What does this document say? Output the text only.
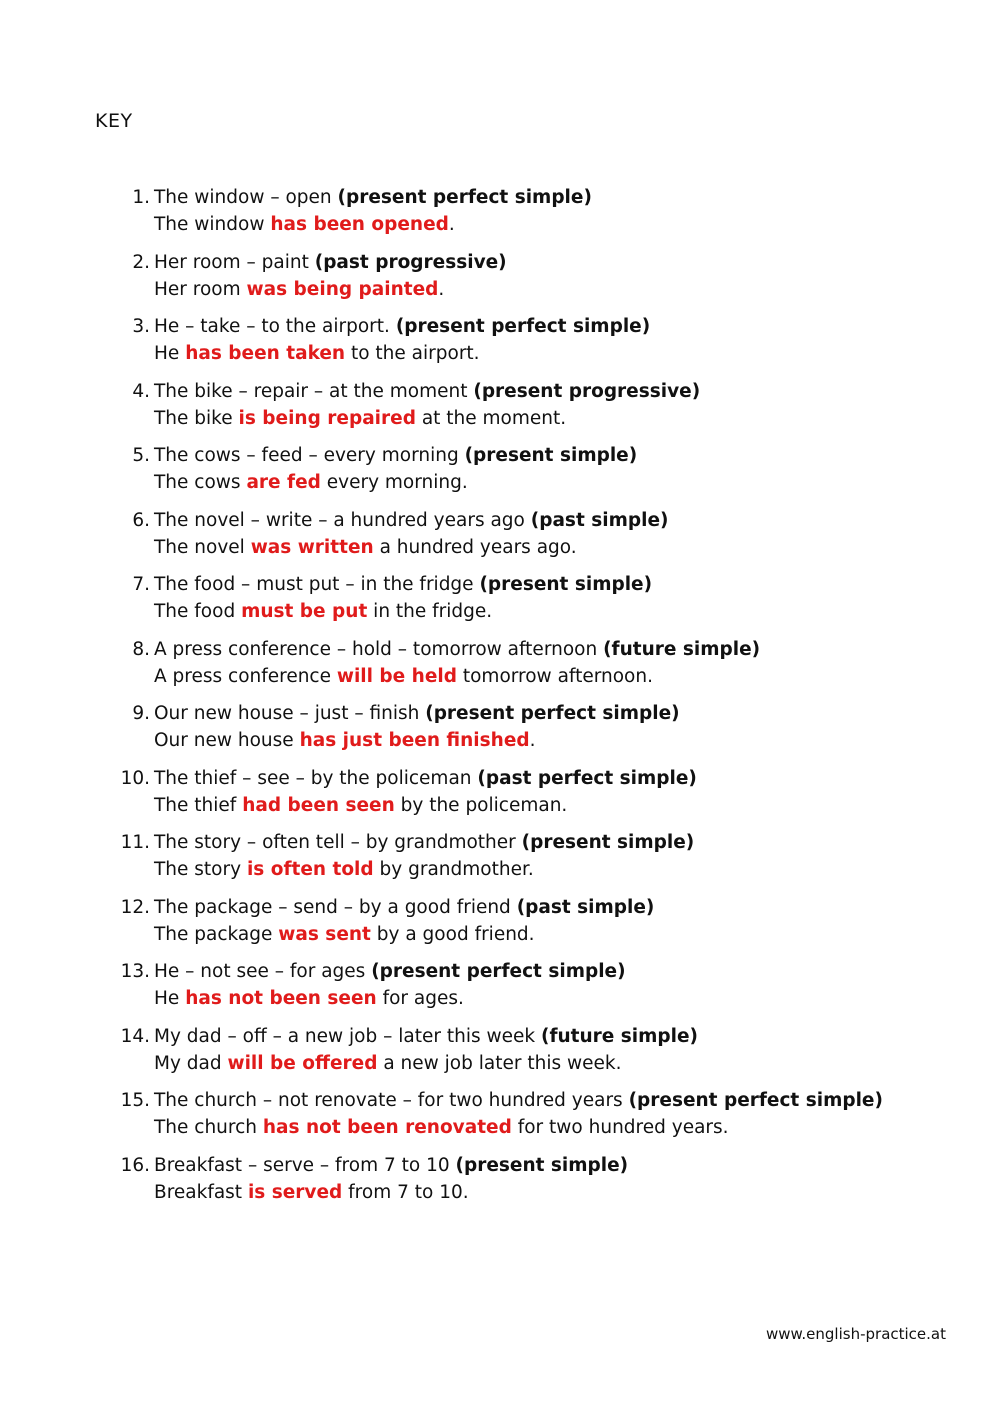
KEY
1. The window – open (present perfect simple)
The window has been opened.
2. Her room – paint (past progressive)
Her room was being painted.
3. He – take – to the airport. (present perfect simple)
He has been taken to the airport.
4. The bike – repair – at the moment (present progressive)
The bike is being repaired at the moment.
5. The cows – feed – every morning (present simple)
The cows are fed every morning.
6. The novel – write – a hundred years ago (past simple)
The novel was written a hundred years ago.
7. The food – must put – in the fridge (present simple)
The food must be put in the fridge.
8. A press conference – hold – tomorrow afternoon (future simple)
A press conference will be held tomorrow afternoon.
9. Our new house – just – finish (present perfect simple)
Our new house has just been finished.
10. The thief – see – by the policeman (past perfect simple)
The thief had been seen by the policeman.
11. The story – often tell – by grandmother (present simple)
The story is often told by grandmother.
12. The package – send – by a good friend (past simple)
The package was sent by a good friend.
13. He – not see – for ages (present perfect simple)
He has not been seen for ages.
14. My dad – off – a new job – later this week (future simple)
My dad will be offered a new job later this week.
15. The church – not renovate – for two hundred years (present perfect simple)
The church has not been renovated for two hundred years.
16. Breakfast – serve – from 7 to 10 (present simple)
Breakfast is served from 7 to 10.
www.english-practice.at
